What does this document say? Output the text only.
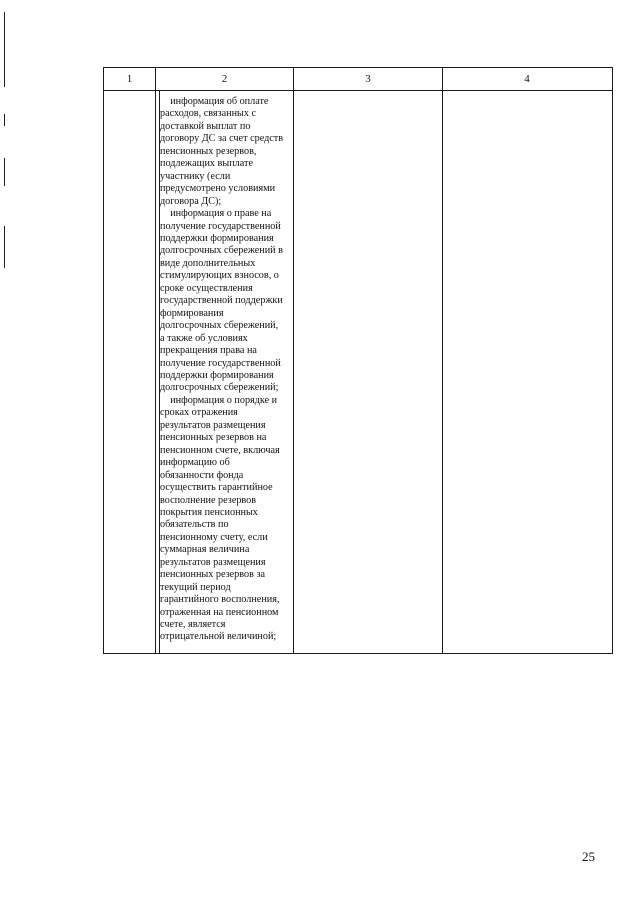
1	2	3	4
информация об оплате
расходов, связанных с
доставкой выплат по
договору ДС за счет средств
пенсионных резервов,
подлежащих выплате
участнику (если
предусмотрено условиями
договора ДС);
информация о праве на
получение государственной
поддержки формирования
долгосрочных сбережений в
виде дополнительных
стимулирующих взносов, о
сроке осуществления
государственной поддержки
формирования
долгосрочных сбережений,
а также об условиях
прекращения права на
получение государственной
поддержки формирования
долгосрочных сбережений;
информация о порядке и
сроках отражения
результатов размещения
пенсионных резервов на
пенсионном счете, включая
информацию об
обязанности фонда
осуществить гарантийное
восполнение резервов
покрытия пенсионных
обязательств по
пенсионному счету, если
суммарная величина
результатов размещения
пенсионных резервов за
текущий период
гарантийного восполнения,
отраженная на пенсионном
счете, является
отрицательной величиной;
25
